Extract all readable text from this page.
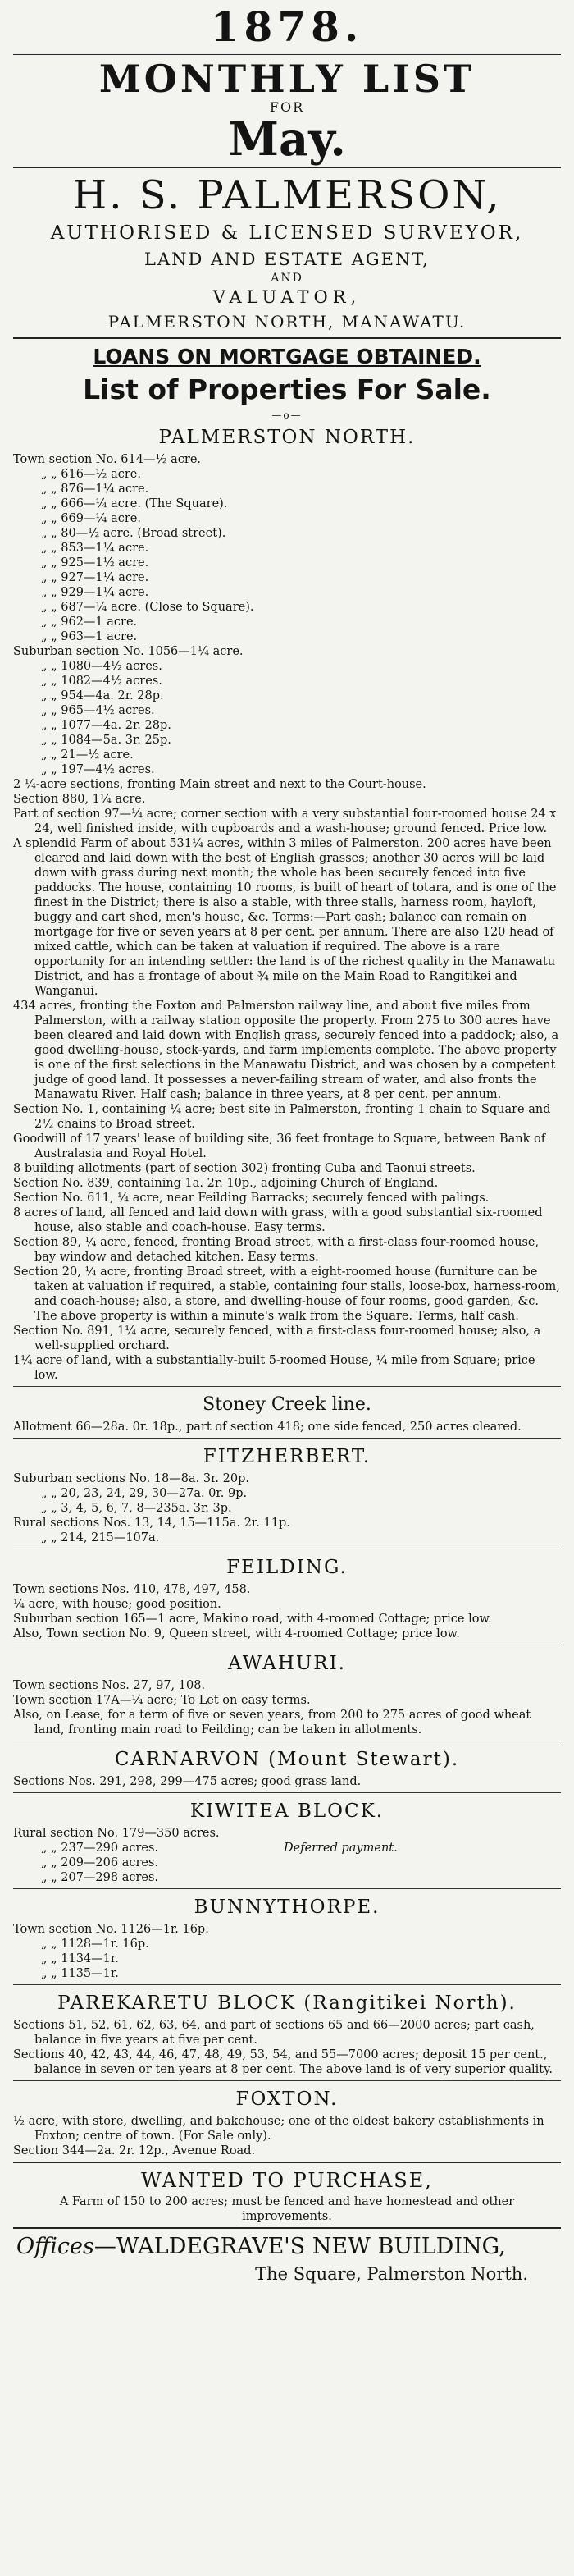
1878.
MONTHLY LIST
FOR
May.
H. S. PALMERSON,
AUTHORISED & LICENSED SURVEYOR,
LAND AND ESTATE AGENT,
AND
VALUATOR,
PALMERSTON NORTH, MANAWATU.
LOANS ON MORTGAGE OBTAINED.
List of Properties For Sale.
—o—
PALMERSTON NORTH.
Town section No. 614—½ acre.
„ „ 616—½ acre.
„ „ 876—1¼ acre.
„ „ 666—¼ acre. (The Square).
„ „ 669—¼ acre.
„ „ 80—½ acre. (Broad street).
„ „ 853—1¼ acre.
„ „ 925—1½ acre.
„ „ 927—1¼ acre.
„ „ 929—1¼ acre.
„ „ 687—¼ acre. (Close to Square).
„ „ 962—1 acre.
„ „ 963—1 acre.
Suburban section No. 1056—1¼ acre.
„ „ 1080—4½ acres.
„ „ 1082—4½ acres.
„ „ 954—4a. 2r. 28p.
„ „ 965—4½ acres.
„ „ 1077—4a. 2r. 28p.
„ „ 1084—5a. 3r. 25p.
„ „ 21—½ acre.
„ „ 197—4½ acres.

2 ¼-acre sections, fronting Main street and next to the Court-house.

Section 880, 1¼ acre.

Part of section 97—¼ acre; corner section with a very substantial four-roomed house 24 x 24, well finished inside, with cupboards and a wash-house; ground fenced. Price low.

A splendid Farm of about 531¼ acres, within 3 miles of Palmerston. 200 acres have been cleared and laid down with the best of English grasses; another 30 acres will be laid down with grass during next month; the whole has been securely fenced into five paddocks. The house, containing 10 rooms, is built of heart of totara, and is one of the finest in the District; there is also a stable, with three stalls, harness room, hayloft, buggy and cart shed, men's house, &c. Terms:—Part cash; balance can remain on mortgage for five or seven years at 8 per cent. per annum. There are also 120 head of mixed cattle, which can be taken at valuation if required. The above is a rare opportunity for an intending settler: the land is of the richest quality in the Manawatu District, and has a frontage of about ¾ mile on the Main Road to Rangitikei and Wanganui.

434 acres, fronting the Foxton and Palmerston railway line, and about five miles from Palmerston, with a railway station opposite the property. From 275 to 300 acres have been cleared and laid down with English grass, securely fenced into a paddock; also, a good dwelling-house, stock-yards, and farm implements complete. The above property is one of the first selections in the Manawatu District, and was chosen by a competent judge of good land. It possesses a never-failing stream of water, and also fronts the Manawatu River. Half cash; balance in three years, at 8 per cent. per annum.

Section No. 1, containing ¼ acre; best site in Palmerston, fronting 1 chain to Square and 2½ chains to Broad street.

Goodwill of 17 years' lease of building site, 36 feet frontage to Square, between Bank of Australasia and Royal Hotel.

8 building allotments (part of section 302) fronting Cuba and Taonui streets.

Section No. 839, containing 1a. 2r. 10p., adjoining Church of England.

Section No. 611, ¼ acre, near Feilding Barracks; securely fenced with palings.

8 acres of land, all fenced and laid down with grass, with a good substantial six-roomed house, also stable and coach-house. Easy terms.

Section 89, ¼ acre, fenced, fronting Broad street, with a first-class four-roomed house, bay window and detached kitchen. Easy terms.

Section 20, ¼ acre, fronting Broad street, with a eight-roomed house (furniture can be taken at valuation if required, a stable, containing four stalls, loose-box, harness-room, and coach-house; also, a store, and dwelling-house of four rooms, good garden, &c. The above property is within a minute's walk from the Square. Terms, half cash.

Section No. 891, 1¼ acre, securely fenced, with a first-class four-roomed house; also, a well-supplied orchard.

1¼ acre of land, with a substantially-built 5-roomed House, ¼ mile from Square; price low.

Stoney Creek line.

Allotment 66—28a. 0r. 18p., part of section 418; one side fenced, 250 acres cleared.

FITZHERBERT.
Suburban sections No. 18—8a. 3r. 20p.
„ „ 20, 23, 24, 29, 30—27a. 0r. 9p.
„ „ 3, 4, 5, 6, 7, 8—235a. 3r. 3p.
Rural sections Nos. 13, 14, 15—115a. 2r. 11p.
„ „ 214, 215—107a.
FEILDING.

Town sections Nos. 410, 478, 497, 458.

¼ acre, with house; good position.

Suburban section 165—1 acre, Makino road, with 4-roomed Cottage; price low.

Also, Town section No. 9, Queen street, with 4-roomed Cottage; price low.

AWAHURI.

Town sections Nos. 27, 97, 108.

Town section 17A—¼ acre; To Let on easy terms.

Also, on Lease, for a term of five or seven years, from 200 to 275 acres of good wheat land, fronting main road to Feilding; can be taken in allotments.

CARNARVON (Mount Stewart).

Sections Nos. 291, 298, 299—475 acres; good grass land.

KIWITEA BLOCK.
Rural section No. 179—350 acres.
„ „ 237—290 acres.
„ „ 209—206 acres.
„ „ 207—298 acres.
Deferred payment.
BUNNYTHORPE.
Town section No. 1126—1r. 16p.
„ „ 1128—1r. 16p.
„ „ 1134—1r.
„ „ 1135—1r.
PAREKARETU BLOCK (Rangitikei North).

Sections 51, 52, 61, 62, 63, 64, and part of sections 65 and 66—2000 acres; part cash, balance in five years at five per cent.

Sections 40, 42, 43, 44, 46, 47, 48, 49, 53, 54, and 55—7000 acres; deposit 15 per cent., balance in seven or ten years at 8 per cent. The above land is of very superior quality.

FOXTON.

½ acre, with store, dwelling, and bakehouse; one of the oldest bakery establishments in Foxton; centre of town. (For Sale only).

Section 344—2a. 2r. 12p., Avenue Road.

WANTED TO PURCHASE,
A Farm of 150 to 200 acres; must be fenced and have homestead and other improvements.
Offices—WALDEGRAVE'S NEW BUILDING,
The Square, Palmerston North.
